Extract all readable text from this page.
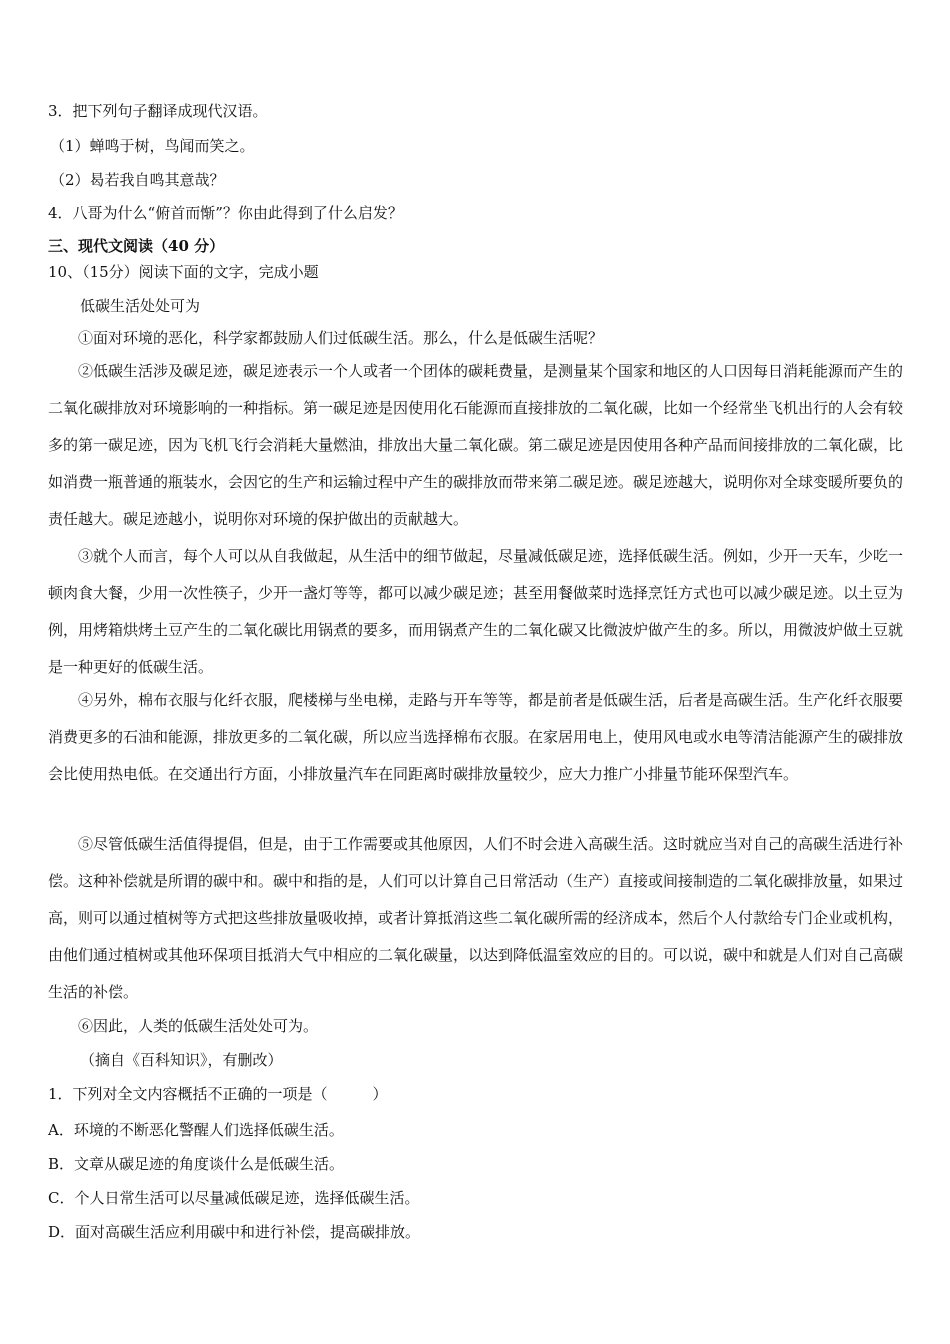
3．把下列句子翻译成现代汉语。
（1）蝉鸣于树，鸟闻而笑之。
（2）曷若我自鸣其意哉？
4．八哥为什么“俯首而惭”？你由此得到了什么启发？
三、现代文阅读（40 分）
10、（15分）阅读下面的文字，完成小题
低碳生活处处可为
①面对环境的恶化，科学家都鼓励人们过低碳生活。那么，什么是低碳生活呢？
②低碳生活涉及碳足迹，碳足迹表示一个人或者一个团体的碳耗费量，是测量某个国家和地区的人口因每日消耗能源而产生的二氧化碳排放对环境影响的一种指标。第一碳足迹是因使用化石能源而直接排放的二氧化碳，比如一个经常坐飞机出行的人会有较多的第一碳足迹，因为飞机飞行会消耗大量燃油，排放出大量二氧化碳。第二碳足迹是因使用各种产品而间接排放的二氧化碳，比如消费一瓶普通的瓶装水，会因它的生产和运输过程中产生的碳排放而带来第二碳足迹。碳足迹越大，说明你对全球变暖所要负的责任越大。碳足迹越小，说明你对环境的保护做出的贡献越大。
③就个人而言，每个人可以从自我做起，从生活中的细节做起，尽量减低碳足迹，选择低碳生活。例如，少开一天车，少吃一顿肉食大餐，少用一次性筷子，少开一盏灯等等，都可以减少碳足迹；甚至用餐做菜时选择烹饪方式也可以减少碳足迹。以土豆为例，用烤箱烘烤土豆产生的二氧化碳比用锅煮的要多，而用锅煮产生的二氧化碳又比微波炉做产生的多。所以，用微波炉做土豆就是一种更好的低碳生活。
④另外，棉布衣服与化纤衣服，爬楼梯与坐电梯，走路与开车等等，都是前者是低碳生活，后者是高碳生活。生产化纤衣服要消费更多的石油和能源，排放更多的二氧化碳，所以应当选择棉布衣服。在家居用电上，使用风电或水电等清洁能源产生的碳排放会比使用热电低。在交通出行方面，小排放量汽车在同距离时碳排放量较少，应大力推广小排量节能环保型汽车。
⑤尽管低碳生活值得提倡，但是，由于工作需要或其他原因，人们不时会进入高碳生活。这时就应当对自己的高碳生活进行补偿。这种补偿就是所谓的碳中和。碳中和指的是，人们可以计算自己日常活动（生产）直接或间接制造的二氧化碳排放量，如果过高，则可以通过植树等方式把这些排放量吸收掉，或者计算抵消这些二氧化碳所需的经济成本，然后个人付款给专门企业或机构，由他们通过植树或其他环保项目抵消大气中相应的二氧化碳量，以达到降低温室效应的目的。可以说，碳中和就是人们对自己高碳生活的补偿。
⑥因此，人类的低碳生活处处可为。
（摘自《百科知识》，有删改）
1．下列对全文内容概括不正确的一项是（　　　）
A．环境的不断恶化警醒人们选择低碳生活。
B．文章从碳足迹的角度谈什么是低碳生活。
C．个人日常生活可以尽量减低碳足迹，选择低碳生活。
D．面对高碳生活应利用碳中和进行补偿，提高碳排放。
